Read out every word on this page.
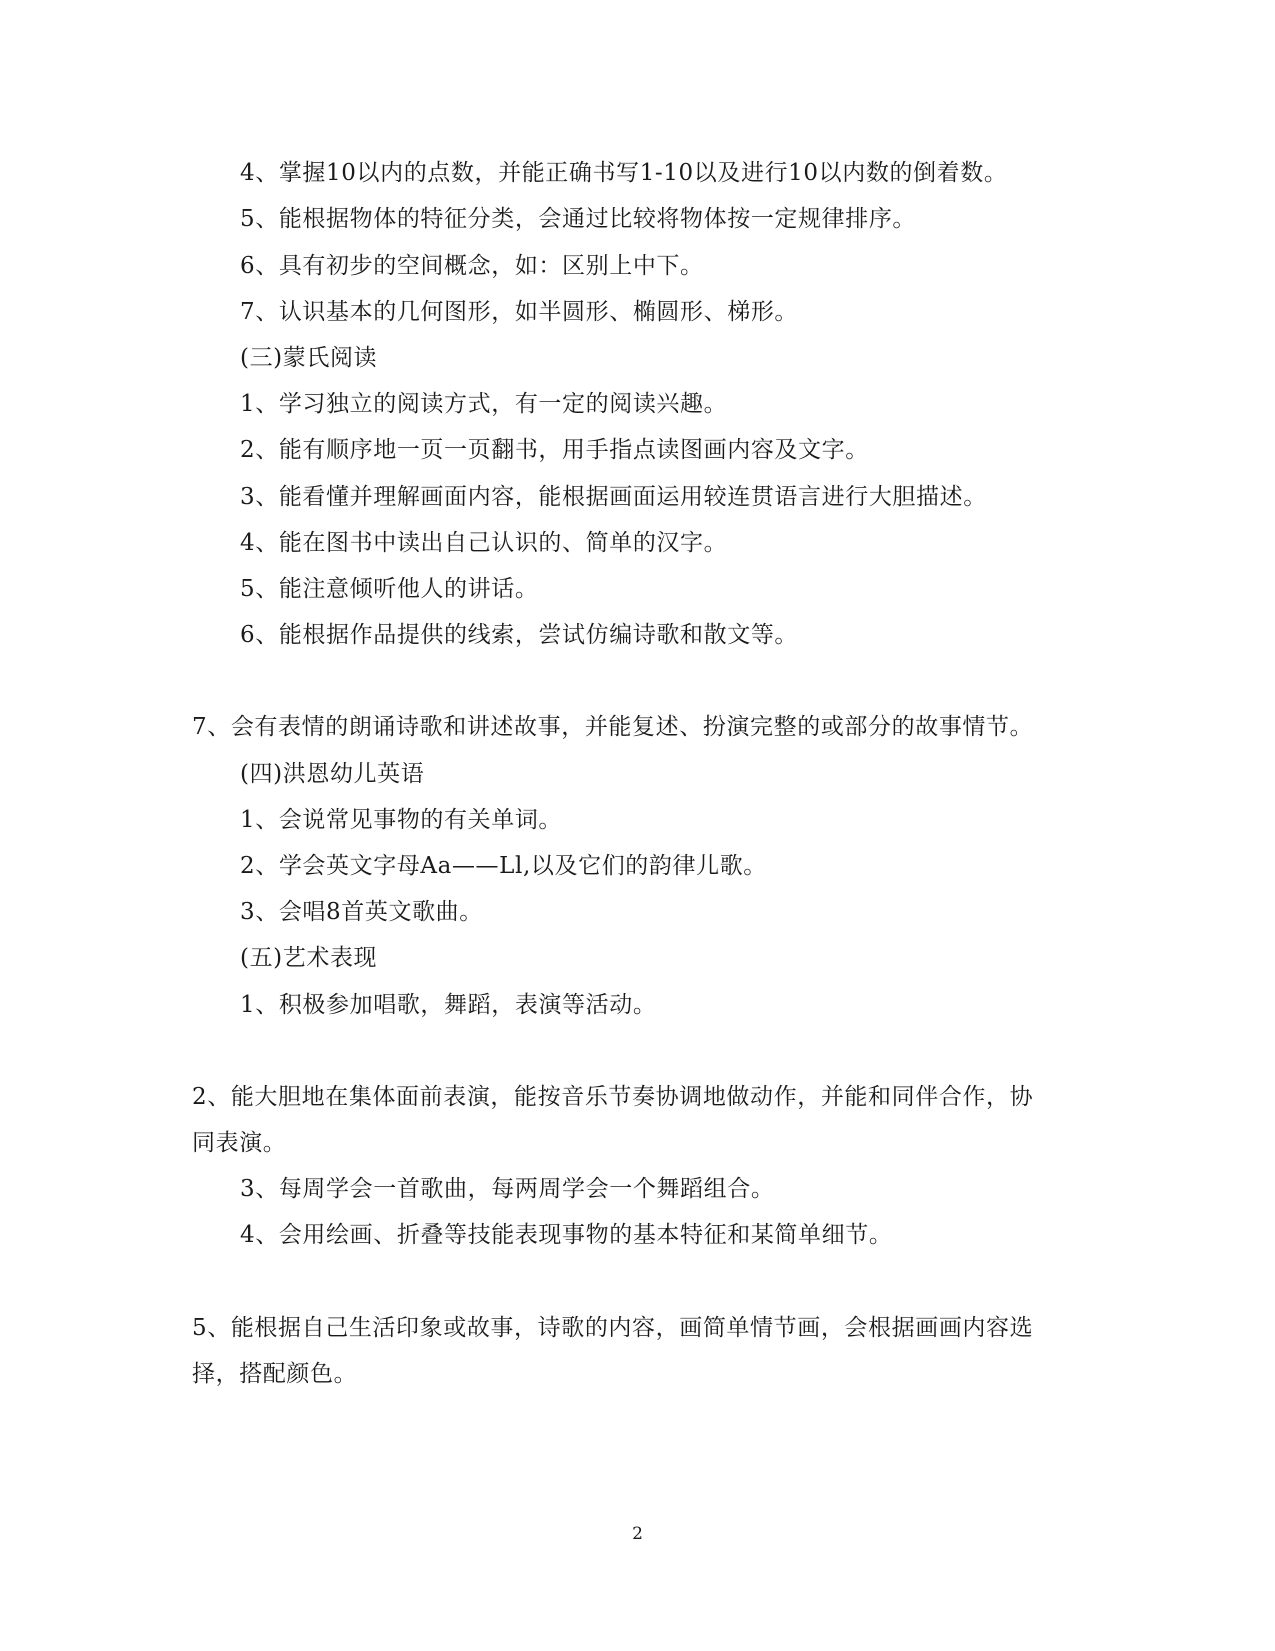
4、掌握10以内的点数，并能正确书写1-10以及进行10以内数的倒着数。
5、能根据物体的特征分类，会通过比较将物体按一定规律排序。
6、具有初步的空间概念，如：区别上中下。
7、认识基本的几何图形，如半圆形、椭圆形、梯形。
(三)蒙氏阅读
1、学习独立的阅读方式，有一定的阅读兴趣。
2、能有顺序地一页一页翻书，用手指点读图画内容及文字。
3、能看懂并理解画面内容，能根据画面运用较连贯语言进行大胆描述。
4、能在图书中读出自己认识的、简单的汉字。
5、能注意倾听他人的讲话。
6、能根据作品提供的线索，尝试仿编诗歌和散文等。
7、会有表情的朗诵诗歌和讲述故事，并能复述、扮演完整的或部分的故事情节。
(四)洪恩幼儿英语
1、会说常见事物的有关单词。
2、学会英文字母Aa——Ll,以及它们的韵律儿歌。
3、会唱8首英文歌曲。
(五)艺术表现
1、积极参加唱歌，舞蹈，表演等活动。
2、能大胆地在集体面前表演，能按音乐节奏协调地做动作，并能和同伴合作，协
同表演。
3、每周学会一首歌曲，每两周学会一个舞蹈组合。
4、会用绘画、折叠等技能表现事物的基本特征和某简单细节。
5、能根据自己生活印象或故事，诗歌的内容，画简单情节画，会根据画画内容选
择，搭配颜色。
2
